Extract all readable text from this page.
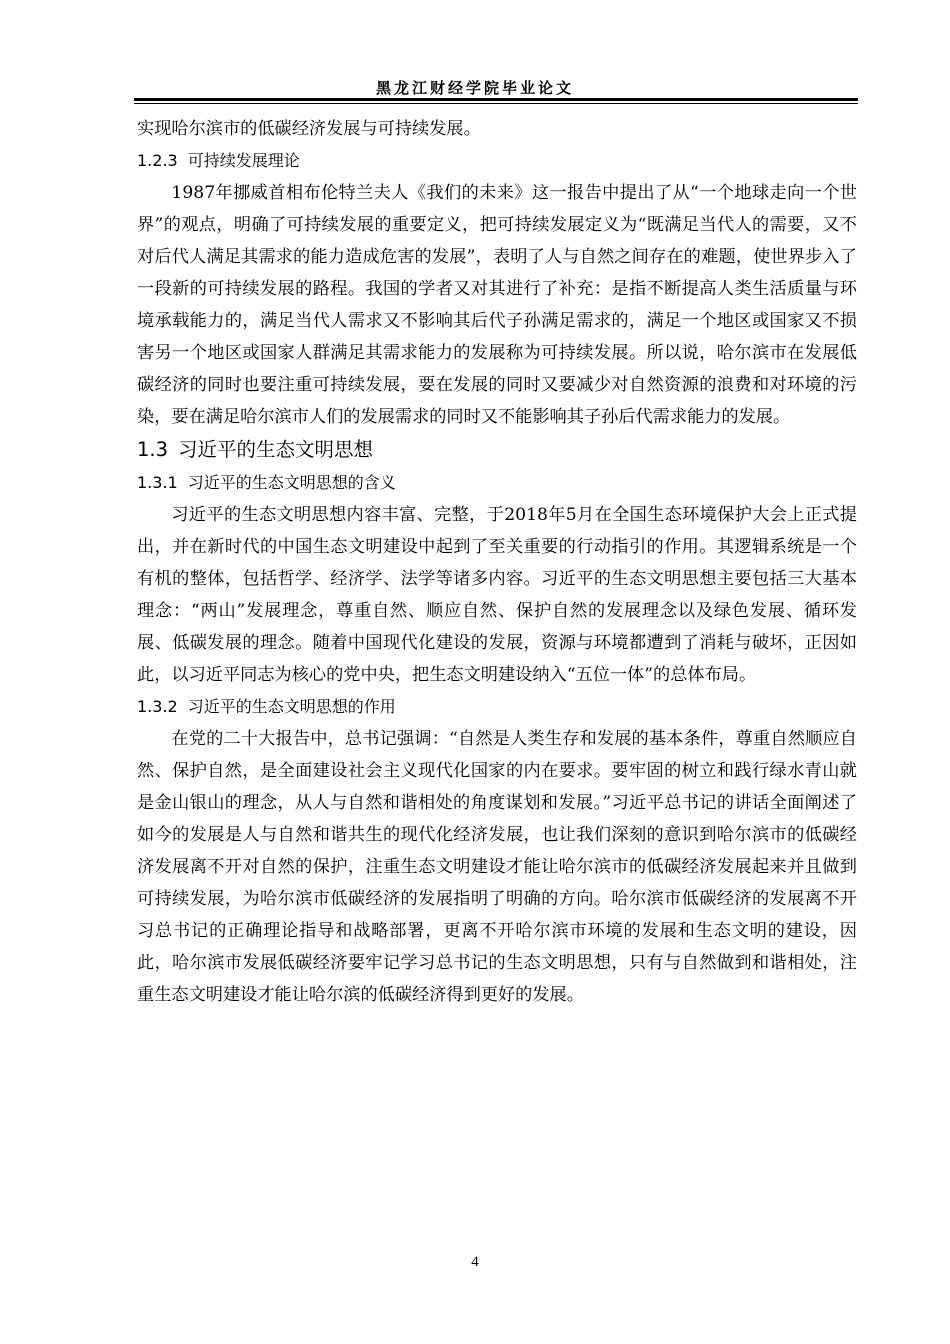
黑龙江财经学院毕业论文

实现哈尔滨市的低碳经济发展与可持续发展。

1.2.3 可持续发展理论

1987年挪威首相布伦特兰夫人《我们的未来》这一报告中提出了从“一个地球走向一个世界”的观点，明确了可持续发展的重要定义，把可持续发展定义为“既满足当代人的需要，又不对后代人满足其需求的能力造成危害的发展”，表明了人与自然之间存在的难题，使世界步入了一段新的可持续发展的路程。我国的学者又对其进行了补充：是指不断提高人类生活质量与环境承载能力的，满足当代人需求又不影响其后代子孙满足需求的，满足一个地区或国家又不损害另一个地区或国家人群满足其需求能力的发展称为可持续发展。所以说，哈尔滨市在发展低碳经济的同时也要注重可持续发展，要在发展的同时又要减少对自然资源的浪费和对环境的污染，要在满足哈尔滨市人们的发展需求的同时又不能影响其子孙后代需求能力的发展。

1.3 习近平的生态文明思想
1.3.1 习近平的生态文明思想的含义

习近平的生态文明思想内容丰富、完整，于2018年5月在全国生态环境保护大会上正式提出，并在新时代的中国生态文明建设中起到了至关重要的行动指引的作用。其逻辑系统是一个有机的整体，包括哲学、经济学、法学等诸多内容。习近平的生态文明思想主要包括三大基本理念：“两山”发展理念，尊重自然、顺应自然、保护自然的发展理念以及绿色发展、循环发展、低碳发展的理念。随着中国现代化建设的发展，资源与环境都遭到了消耗与破坏，正因如此，以习近平同志为核心的党中央，把生态文明建设纳入“五位一体”的总体布局。

1.3.2 习近平的生态文明思想的作用

在党的二十大报告中，总书记强调：“自然是人类生存和发展的基本条件，尊重自然顺应自然、保护自然，是全面建设社会主义现代化国家的内在要求。要牢固的树立和践行绿水青山就是金山银山的理念，从人与自然和谐相处的角度谋划和发展。”习近平总书记的讲话全面阐述了如今的发展是人与自然和谐共生的现代化经济发展，也让我们深刻的意识到哈尔滨市的低碳经济发展离不开对自然的保护，注重生态文明建设才能让哈尔滨市的低碳经济发展起来并且做到可持续发展，为哈尔滨市低碳经济的发展指明了明确的方向。哈尔滨市低碳经济的发展离不开习总书记的正确理论指导和战略部署，更离不开哈尔滨市环境的发展和生态文明的建设，因此，哈尔滨市发展低碳经济要牢记学习总书记的生态文明思想，只有与自然做到和谐相处，注重生态文明建设才能让哈尔滨的低碳经济得到更好的发展。

4
